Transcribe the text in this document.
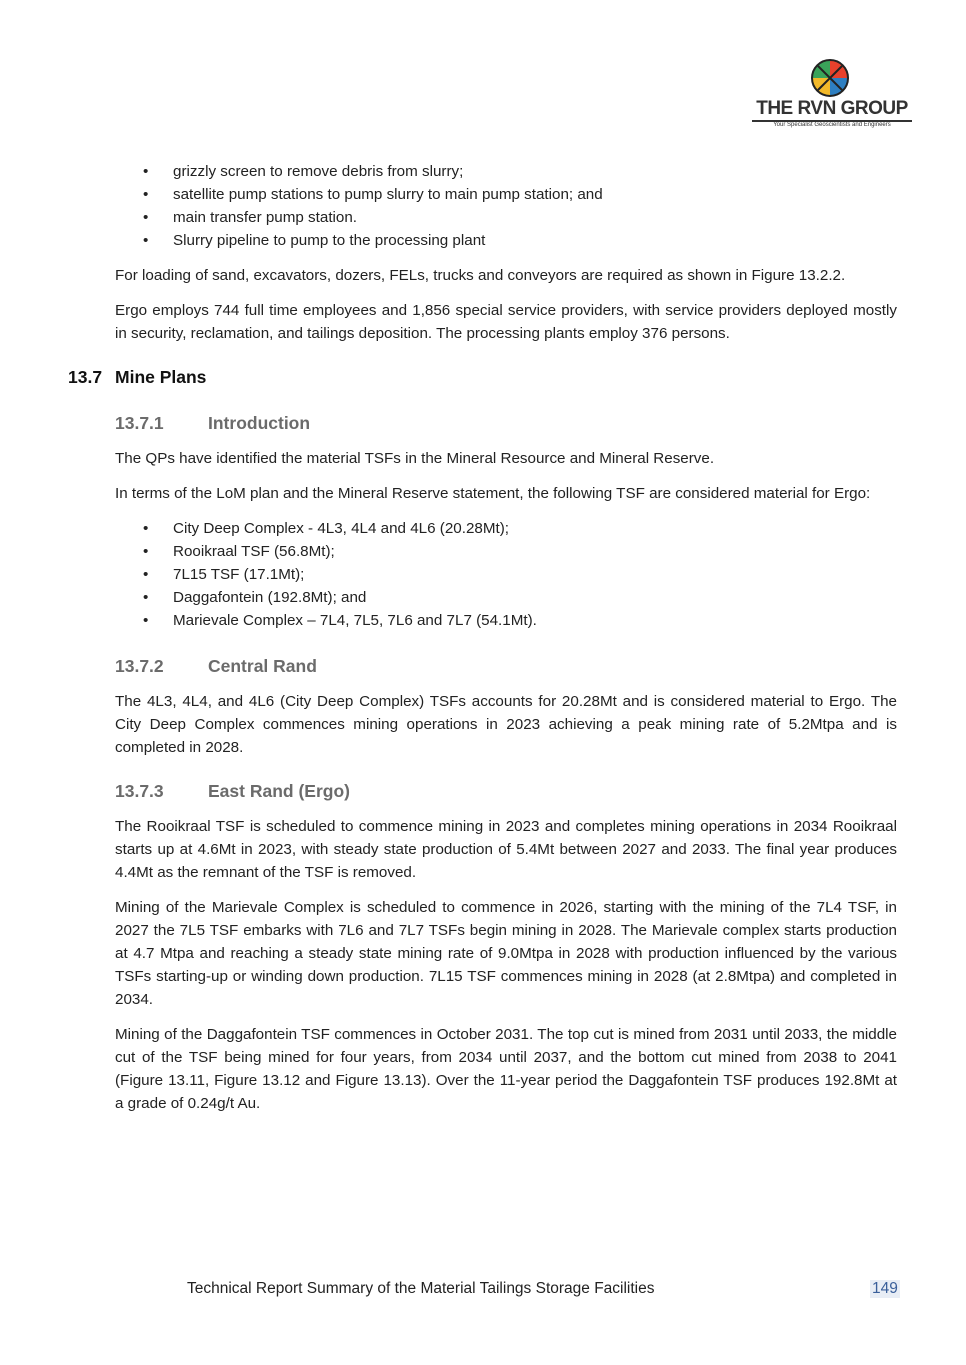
THE RVN GROUP
Your Specialist Geoscientists and Engineers
• grizzly screen to remove debris from slurry;
• satellite pump stations to pump slurry to main pump station; and
• main transfer pump station.
• Slurry pipeline to pump to the processing plant

For loading of sand, excavators, dozers, FELs, trucks and conveyors are required as shown in Figure 13.2.2.

Ergo employs 744 full time employees and 1,856 special service providers, with service providers deployed mostly in security, reclamation, and tailings deposition. The processing plants employ 376 persons.

13.7 Mine Plans
13.7.1	Introduction

The QPs have identified the material TSFs in the Mineral Resource and Mineral Reserve.

In terms of the LoM plan and the Mineral Reserve statement, the following TSF are considered material for Ergo:

• City Deep Complex - 4L3, 4L4 and 4L6 (20.28Mt);
• Rooikraal TSF (56.8Mt);
• 7L15 TSF (17.1Mt);
• Daggafontein (192.8Mt); and
• Marievale Complex – 7L4, 7L5, 7L6 and 7L7 (54.1Mt).
13.7.2	Central Rand

The 4L3, 4L4, and 4L6 (City Deep Complex) TSFs accounts for 20.28Mt and is considered material to Ergo. The City Deep Complex commences mining operations in 2023 achieving a peak mining rate of 5.2Mtpa and is completed in 2028.

13.7.3	East Rand (Ergo)

The Rooikraal TSF is scheduled to commence mining in 2023 and completes mining operations in 2034 Rooikraal starts up at 4.6Mt in 2023, with steady state production of 5.4Mt between 2027 and 2033. The final year produces 4.4Mt as the remnant of the TSF is removed.

Mining of the Marievale Complex is scheduled to commence in 2026, starting with the mining of the 7L4 TSF, in 2027 the 7L5 TSF embarks with 7L6 and 7L7 TSFs begin mining in 2028. The Marievale complex starts production at 4.7 Mtpa and reaching a steady state mining rate of 9.0Mtpa in 2028 with production influenced by the various TSFs starting-up or winding down production. 7L15 TSF commences mining in 2028 (at 2.8Mtpa) and completed in 2034.

Mining of the Daggafontein TSF commences in October 2031. The top cut is mined from 2031 until 2033, the middle cut of the TSF being mined for four years, from 2034 until 2037, and the bottom cut mined from 2038 to 2041 (Figure 13.11, Figure 13.12 and Figure 13.13). Over the 11-year period the Daggafontein TSF produces 192.8Mt at a grade of 0.24g/t Au.

Technical Report Summary of the Material Tailings Storage Facilities	149
